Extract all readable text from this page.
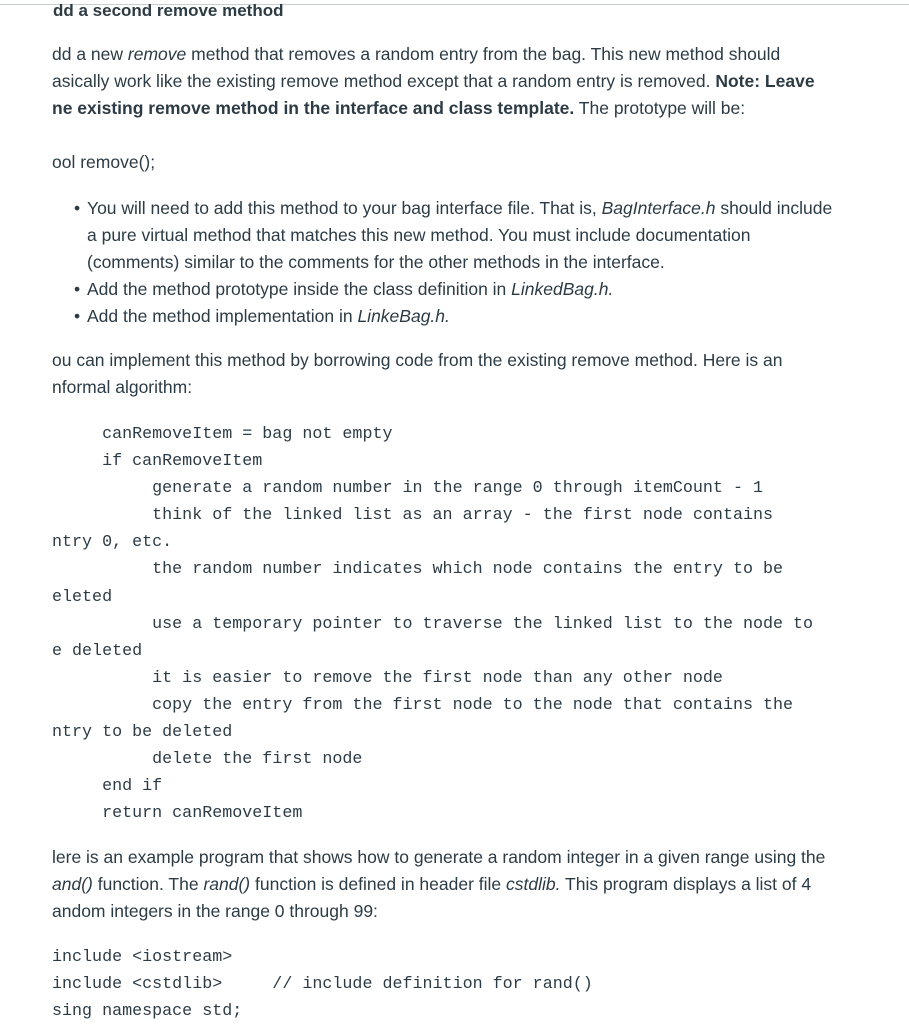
dd a second remove method
dd a new remove method that removes a random entry from the bag. This new method should
asically work like the existing remove method except that a random entry is removed. Note: Leave
ne existing remove method in the interface and class template. The prototype will be:
ool remove();
• You will need to add this method to your bag interface file. That is, BagInterface.h should include
a pure virtual method that matches this new method. You must include documentation
(comments) similar to the comments for the other methods in the interface.
• Add the method prototype inside the class definition in LinkedBag.h.
• Add the method implementation in LinkeBag.h.
ou can implement this method by borrowing code from the existing remove method. Here is an
nformal algorithm:
canRemoveItem = bag not empty
if canRemoveItem
generate a random number in the range 0 through itemCount - 1
think of the linked list as an array - the first node contains
ntry 0, etc.
the random number indicates which node contains the entry to be
eleted
use a temporary pointer to traverse the linked list to the node to
e deleted
it is easier to remove the first node than any other node
copy the entry from the first node to the node that contains the
ntry to be deleted
delete the first node
end if
return canRemoveItem
lere is an example program that shows how to generate a random integer in a given range using the
and() function. The rand() function is defined in header file cstdlib. This program displays a list of 4
andom integers in the range 0 through 99:
include <iostream>
include <cstdlib>     // include definition for rand()
sing namespace std;
